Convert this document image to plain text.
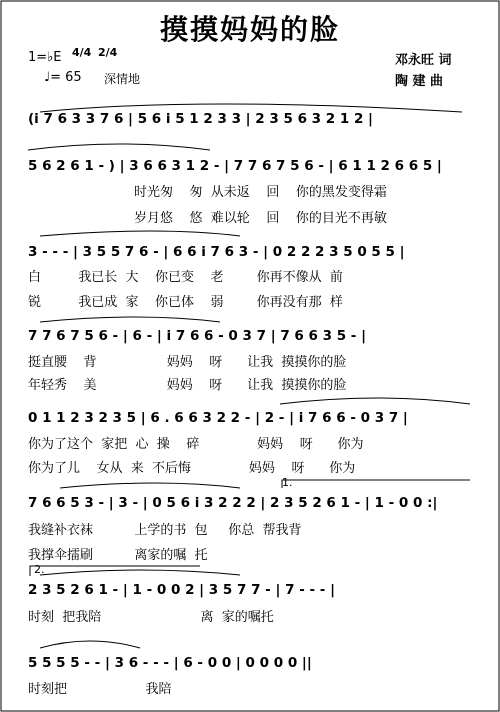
摸摸妈妈的脸
1=♭E 4/4 2/4
♩= 65 深情地
邓永旺 词
陶 建 曲
(i 7 6 3 3 7 6 | 5 6 i 5 1 2 3 3 | 2 3 5 6 3 2 1 2 |
5 6 2 6 1 - ) | 3 6 6 3 1 2 - | 7 7 6 7 5 6 - | 6 1 1 2 6 6 5 |
时光匆    匆  从未返    回    你的黑发变得霜
岁月悠    悠  难以轮    回    你的目光不再敏
3 - - - | 3 5 5 7 6 - | 6 6 i 7 6 3 - | 0 2 2 2 3 5 0 5 5 |
白         我已长  大    你已变    老        你再不像从  前
锐         我已成  家    你已体    弱        你再没有那  样
7 7 6 7 5 6 - | 6 - | i 7 6 6 - 0 3 7 | 7 6 6 3 5 - |
挺直腰    背                 妈妈    呀      让我  摸摸你的脸
年轻秀    美                 妈妈    呀      让我  摸摸你的脸
0 1 1 2 3 2 3 5 | 6 . 6 6 3 2 2 - | 2 - | i 7 6 6 - 0 3 7 |
你为了这个  家把  心  操    碎              妈妈    呀      你为
你为了儿    女从  来  不后悔              妈妈    呀      你为
1.
7 6 6 5 3 - | 3 - | 0 5 6 i 3 2 2 2 | 2 3 5 2 6 1 - | 1 - 0 0 :|
我缝补衣袜          上学的书  包     你总  帮我背
我撑伞擂刷          离家的嘱  托
2.
2 3 5 2 6 1 - | 1 - 0 0 2 | 3 5 7 7 - | 7 - - - |
时刻  把我陪                        离  家的嘱托
5 5 5 5 - - | 3 6 - - - | 6 - 0 0 | 0 0 0 0 ||
时刻把                   我陪
